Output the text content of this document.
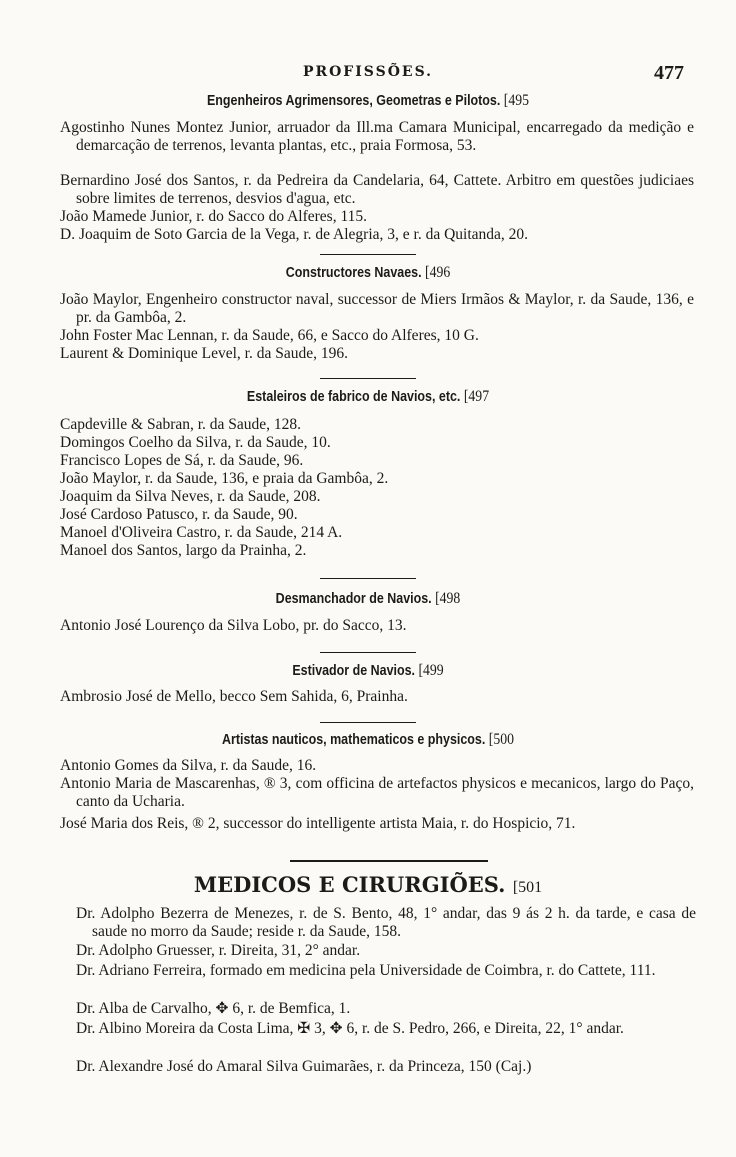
PROFISSÕES.	477
Engenheiros Agrimensores, Geometras e Pilotos. [495
Agostinho Nunes Montez Junior, arruador da Ill.ma Camara Municipal, encarregado da medição e demarcação de terrenos, levanta plantas, etc., praia Formosa, 53.
Bernardino José dos Santos, r. da Pedreira da Candelaria, 64, Cattete. Arbitro em questões judiciaes sobre limites de terrenos, desvios d'agua, etc.
João Mamede Junior, r. do Sacco do Alferes, 115.
D. Joaquim de Soto Garcia de la Vega, r. de Alegria, 3, e r. da Quitanda, 20.
Constructores Navaes. [496
João Maylor, Engenheiro constructor naval, successor de Miers Irmãos & Maylor, r. da Saude, 136, e pr. da Gambôa, 2.
John Foster Mac Lennan, r. da Saude, 66, e Sacco do Alferes, 10 G.
Laurent & Dominique Level, r. da Saude, 196.
Estaleiros de fabrico de Navios, etc. [497
Capdeville & Sabran, r. da Saude, 128.
Domingos Coelho da Silva, r. da Saude, 10.
Francisco Lopes de Sá, r. da Saude, 96.
João Maylor, r. da Saude, 136, e praia da Gambôa, 2.
Joaquim da Silva Neves, r. da Saude, 208.
José Cardoso Patusco, r. da Saude, 90.
Manoel d'Oliveira Castro, r. da Saude, 214 A.
Manoel dos Santos, largo da Prainha, 2.
Desmanchador de Navios. [498
Antonio José Lourenço da Silva Lobo, pr. do Sacco, 13.
Estivador de Navios. [499
Ambrosio José de Mello, becco Sem Sahida, 6, Prainha.
Artistas nauticos, mathematicos e physicos. [500
Antonio Gomes da Silva, r. da Saude, 16.
Antonio Maria de Mascarenhas, ® 3, com officina de artefactos physicos e mecanicos, largo do Paço, canto da Ucharia.
José Maria dos Reis, ® 2, successor do intelligente artista Maia, r. do Hospicio, 71.
MEDICOS E CIRURGIÕES. [501
Dr. Adolpho Bezerra de Menezes, r. de S. Bento, 48, 1° andar, das 9 ás 2 h. da tarde, e casa de saude no morro da Saude; reside r. da Saude, 158.
Dr. Adolpho Gruesser, r. Direita, 31, 2° andar.
Dr. Adriano Ferreira, formado em medicina pela Universidade de Coimbra, r. do Cattete, 111.
Dr. Alba de Carvalho, ✥ 6, r. de Bemfica, 1.
Dr. Albino Moreira da Costa Lima, ✠ 3, ✥ 6, r. de S. Pedro, 266, e Direita, 22, 1° andar.
Dr. Alexandre José do Amaral Silva Guimarães, r. da Princeza, 150 (Caj.)
